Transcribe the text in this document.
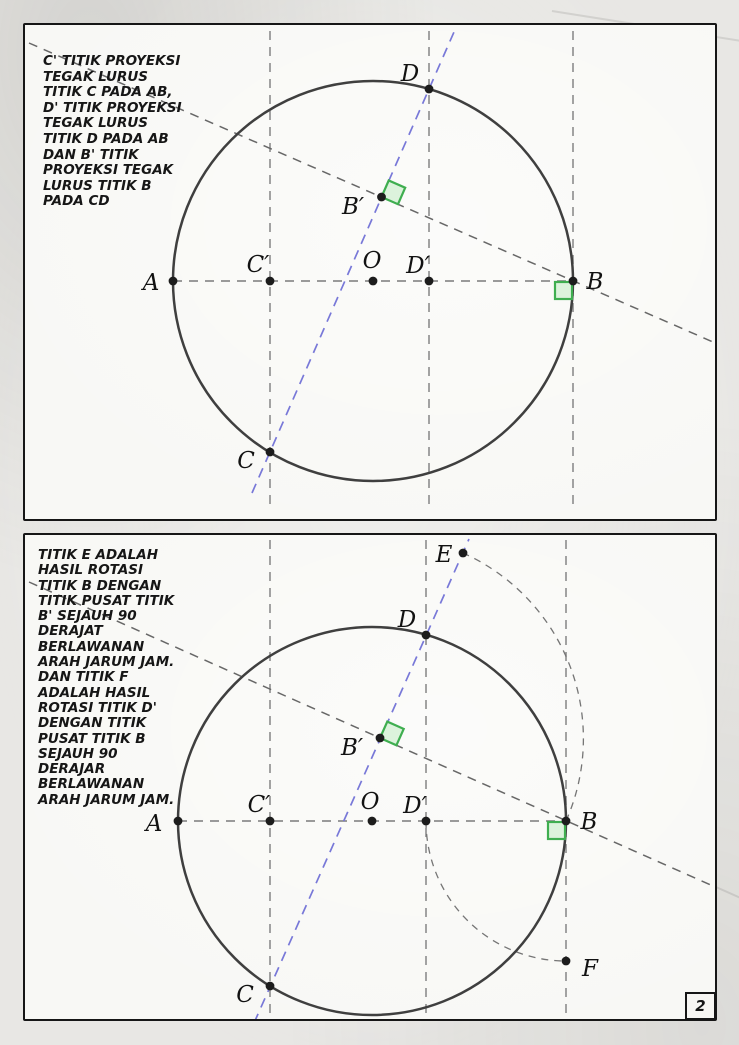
A	B
C
D
O
B′
C′	D′
C' TITIK PROYEKSI
TEGAK LURUS
TITIK C PADA AB,
D' TITIK PROYEKSI
TEGAK LURUS
TITIK D PADA AB
DAN B' TITIK
PROYEKSI TEGAK
LURUS TITIK B
PADA CD
A	B
C
D
O
B′
C′	D′
E
F
TITIK E ADALAH
HASIL ROTASI
TITIK B DENGAN
TITIK PUSAT TITIK
B' SEJAUH 90
DERAJAT
BERLAWANAN
ARAH JARUM JAM.
DAN TITIK F
ADALAH HASIL
ROTASI TITIK D'
DENGAN TITIK
PUSAT TITIK B
SEJAUH 90
DERAJAR
BERLAWANAN
ARAH JARUM JAM.
2
